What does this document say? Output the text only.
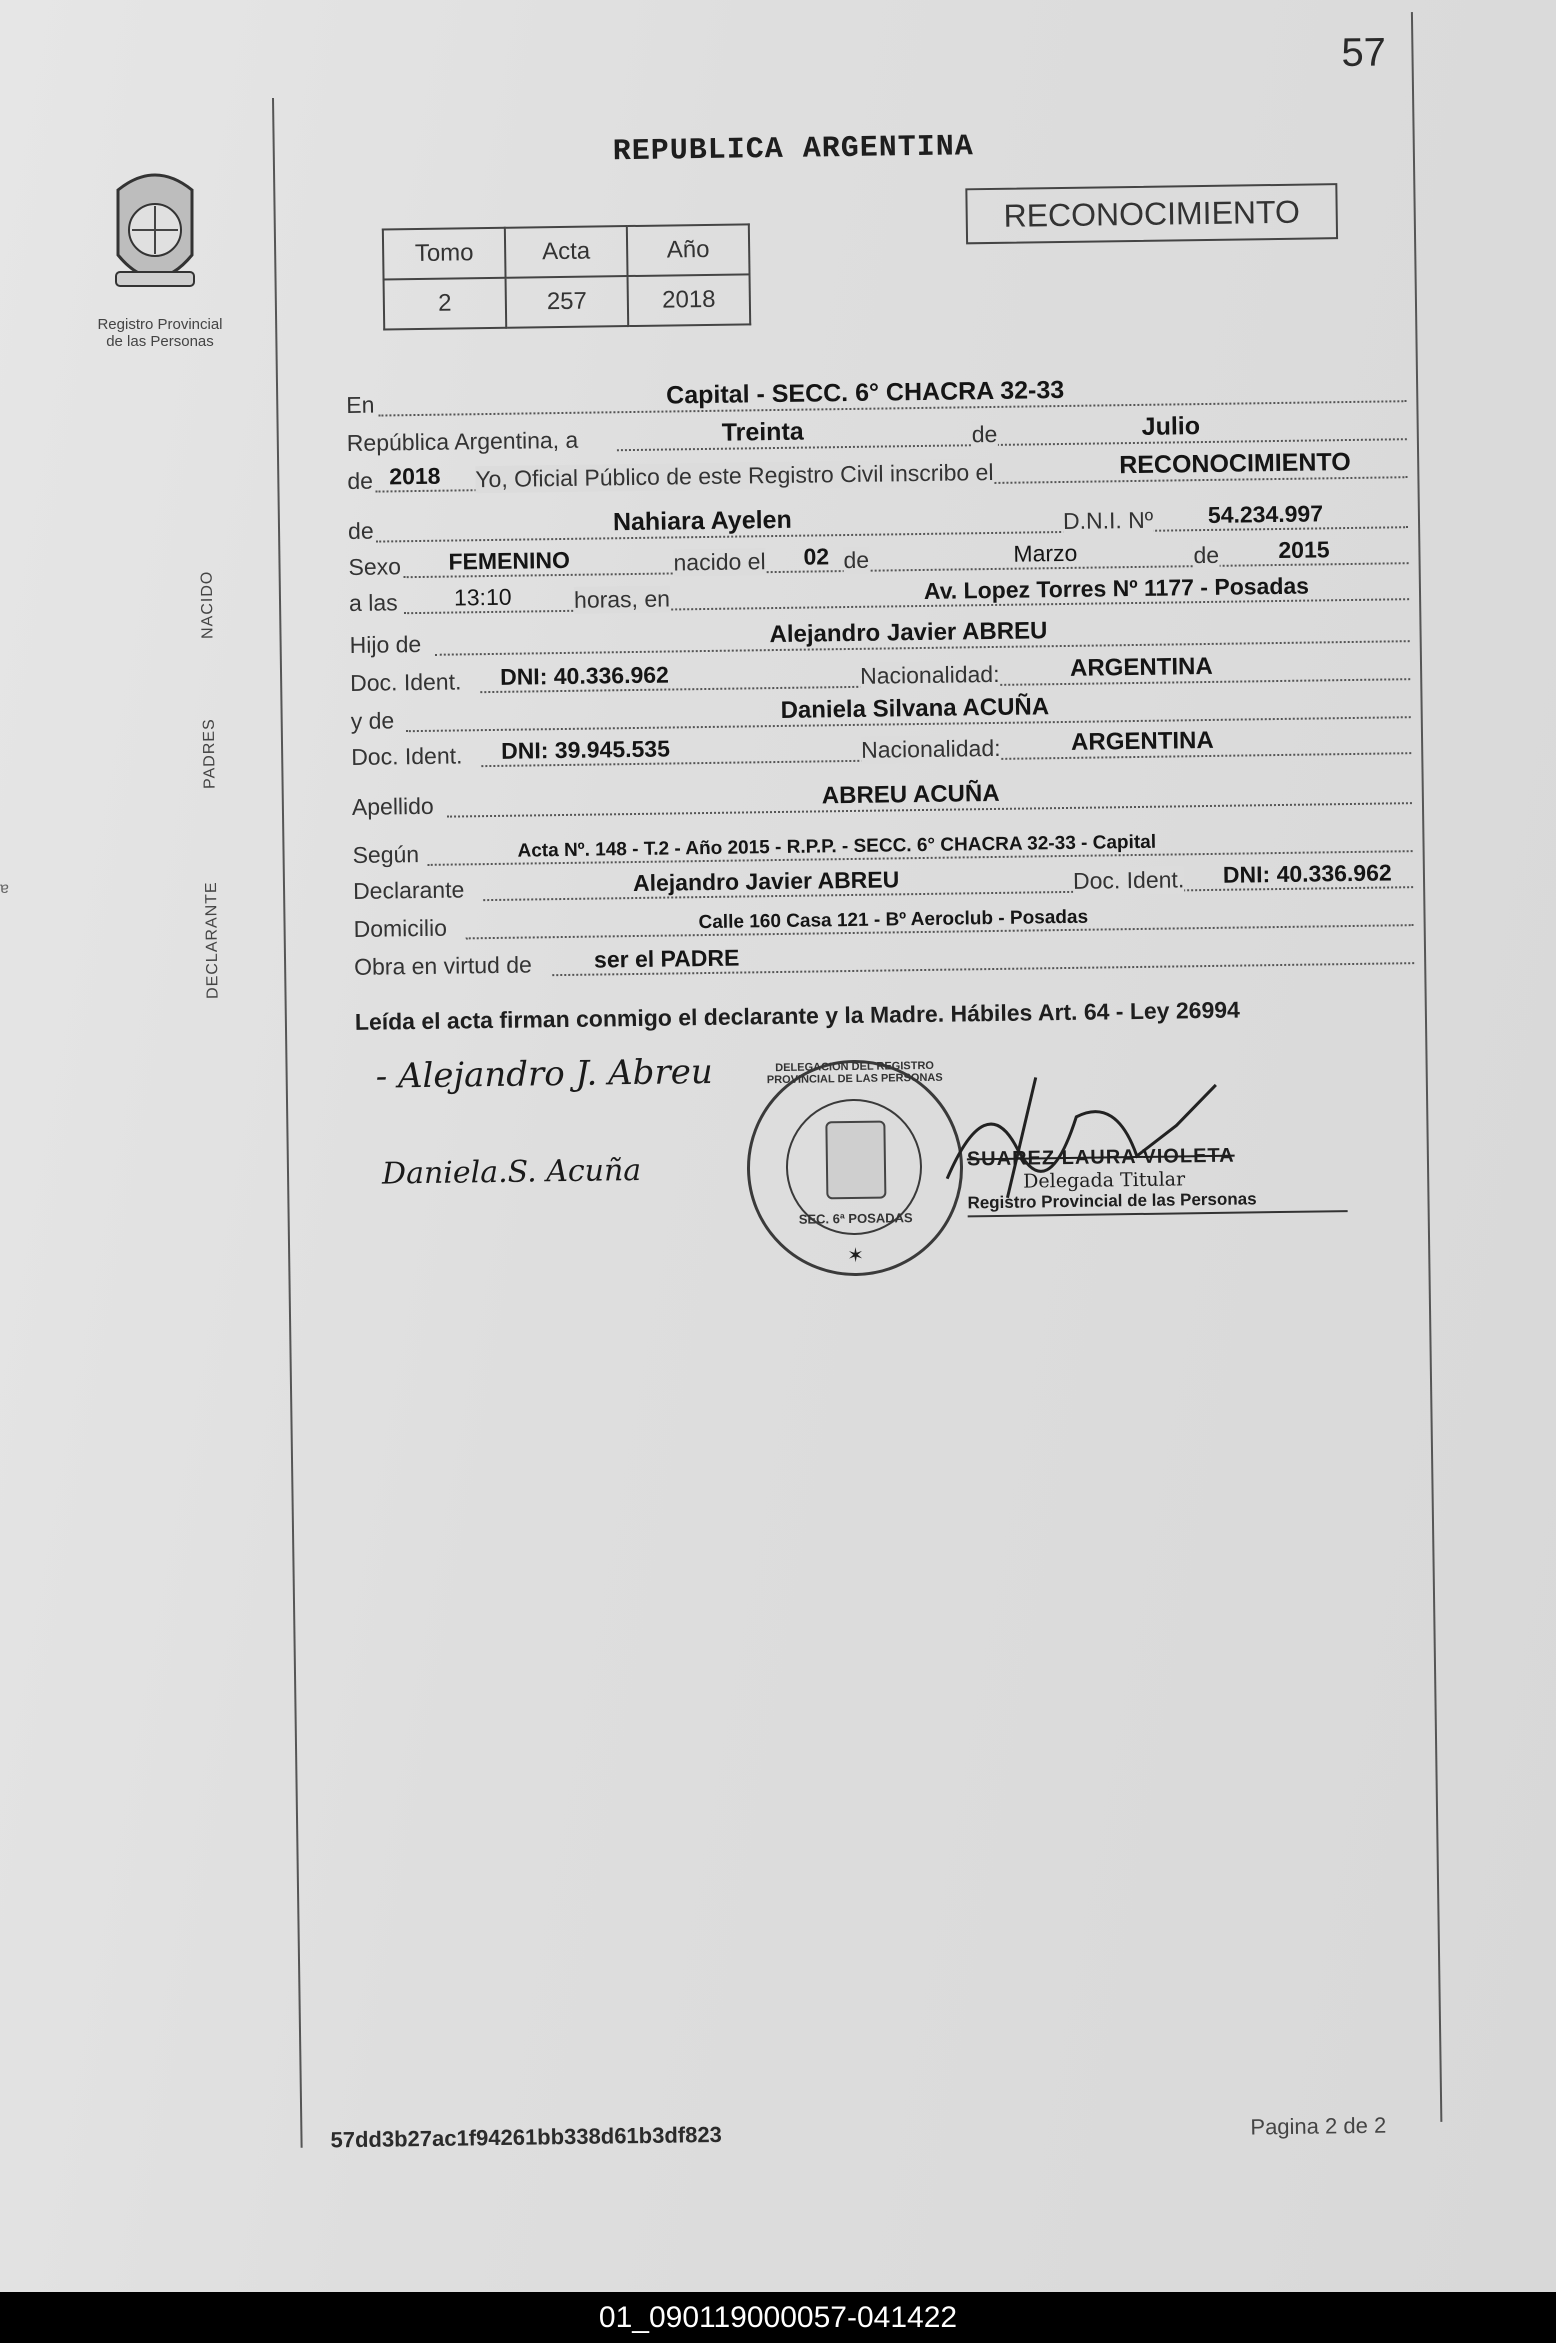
ɐ
Registro Provincial
de las Personas
57
REPUBLICA ARGENTINA
Tomo	Acta	Año
2	257	2018
RECONOCIMIENTO
NACIDO
PADRES
DECLARANTE
En	Capital - SECC. 6° CHACRA 32-33
República Argentina, a	Treinta	de	Julio
de 2018 Yo, Oficial Público de este Registro Civil inscribo el	RECONOCIMIENTO
de	Nahiara Ayelen	D.N.I. Nº 54.234.997
Sexo FEMENINO	nacido el 02 de	Marzo	de	2015
a las 13:10	horas, en	Av. Lopez Torres Nº 1177 - Posadas
Hijo de	Alejandro Javier ABREU
Doc. Ident. DNI: 40.336.962	Nacionalidad:	ARGENTINA
y de	Daniela Silvana ACUÑA
Doc. Ident. DNI: 39.945.535	Nacionalidad:	ARGENTINA
Apellido	ABREU ACUÑA
Según	Acta Nº. 148 - T.2 - Año 2015 - R.P.P. - SECC. 6° CHACRA 32-33 - Capital
Declarante	Alejandro Javier ABREU	Doc. Ident. DNI: 40.336.962
Domicilio	Calle 160 Casa 121 - Bº Aeroclub - Posadas
Obra en virtud de	ser el PADRE
Leída el acta firman conmigo el declarante y la Madre. Hábiles Art. 64 - Ley 26994
- Alejandro J. Abreu
Daniela.S. Acuña
DELEGACION DEL REGISTRO PROVINCIAL DE LAS PERSONAS
SEC. 6ª POSADAS
✶
SUAREZ LAURA VIOLETA
Delegada Titular
Registro Provincial de las Personas
57dd3b27ac1f94261bb338d61b3df823	Pagina 2 de 2
01_090119000057-041422
